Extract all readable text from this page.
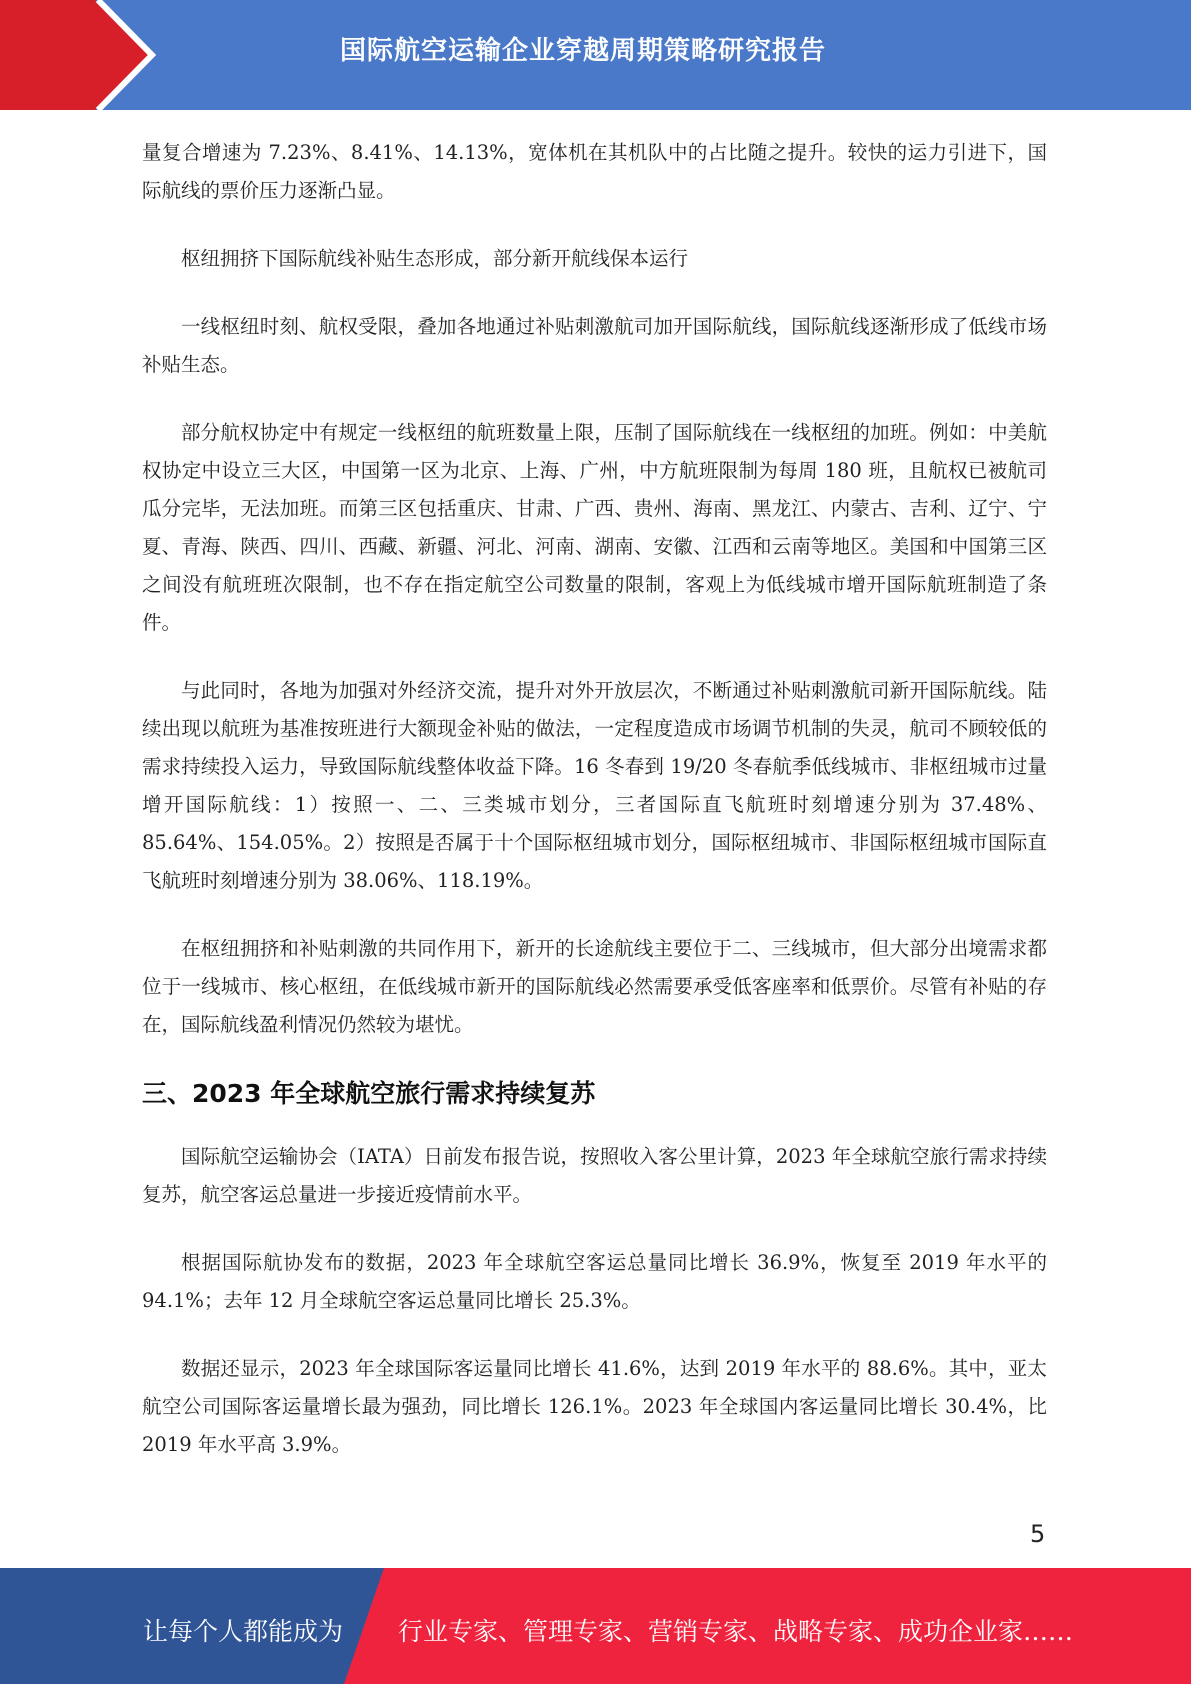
国际航空运输企业穿越周期策略研究报告

量复合增速为 7.23%、8.41%、14.13%，宽体机在其机队中的占比随之提升。较快的运力引进下，国际航线的票价压力逐渐凸显。

枢纽拥挤下国际航线补贴生态形成，部分新开航线保本运行

一线枢纽时刻、航权受限，叠加各地通过补贴刺激航司加开国际航线，国际航线逐渐形成了低线市场补贴生态。

部分航权协定中有规定一线枢纽的航班数量上限，压制了国际航线在一线枢纽的加班。例如：中美航权协定中设立三大区，中国第一区为北京、上海、广州，中方航班限制为每周 180 班，且航权已被航司瓜分完毕，无法加班。而第三区包括重庆、甘肃、广西、贵州、海南、黑龙江、内蒙古、吉利、辽宁、宁夏、青海、陕西、四川、西藏、新疆、河北、河南、湖南、安徽、江西和云南等地区。美国和中国第三区之间没有航班班次限制，也不存在指定航空公司数量的限制，客观上为低线城市增开国际航班制造了条件。

与此同时，各地为加强对外经济交流，提升对外开放层次，不断通过补贴刺激航司新开国际航线。陆续出现以航班为基准按班进行大额现金补贴的做法，一定程度造成市场调节机制的失灵，航司不顾较低的需求持续投入运力，导致国际航线整体收益下降。16 冬春到 19/20 冬春航季低线城市、非枢纽城市过量增开国际航线：1）按照一、二、三类城市划分，三者国际直飞航班时刻增速分别为 37.48%、85.64%、154.05%。2）按照是否属于十个国际枢纽城市划分，国际枢纽城市、非国际枢纽城市国际直飞航班时刻增速分别为 38.06%、118.19%。

在枢纽拥挤和补贴刺激的共同作用下，新开的长途航线主要位于二、三线城市，但大部分出境需求都位于一线城市、核心枢纽，在低线城市新开的国际航线必然需要承受低客座率和低票价。尽管有补贴的存在，国际航线盈利情况仍然较为堪忧。

三、2023 年全球航空旅行需求持续复苏

国际航空运输协会（IATA）日前发布报告说，按照收入客公里计算，2023 年全球航空旅行需求持续复苏，航空客运总量进一步接近疫情前水平。

根据国际航协发布的数据，2023 年全球航空客运总量同比增长 36.9%，恢复至 2019 年水平的 94.1%；去年 12 月全球航空客运总量同比增长 25.3%。

数据还显示，2023 年全球国际客运量同比增长 41.6%，达到 2019 年水平的 88.6%。其中，亚太航空公司国际客运量增长最为强劲，同比增长 126.1%。2023 年全球国内客运量同比增长 30.4%，比 2019 年水平高 3.9%。

5
让每个人都能成为 行业专家、管理专家、营销专家、战略专家、成功企业家……
